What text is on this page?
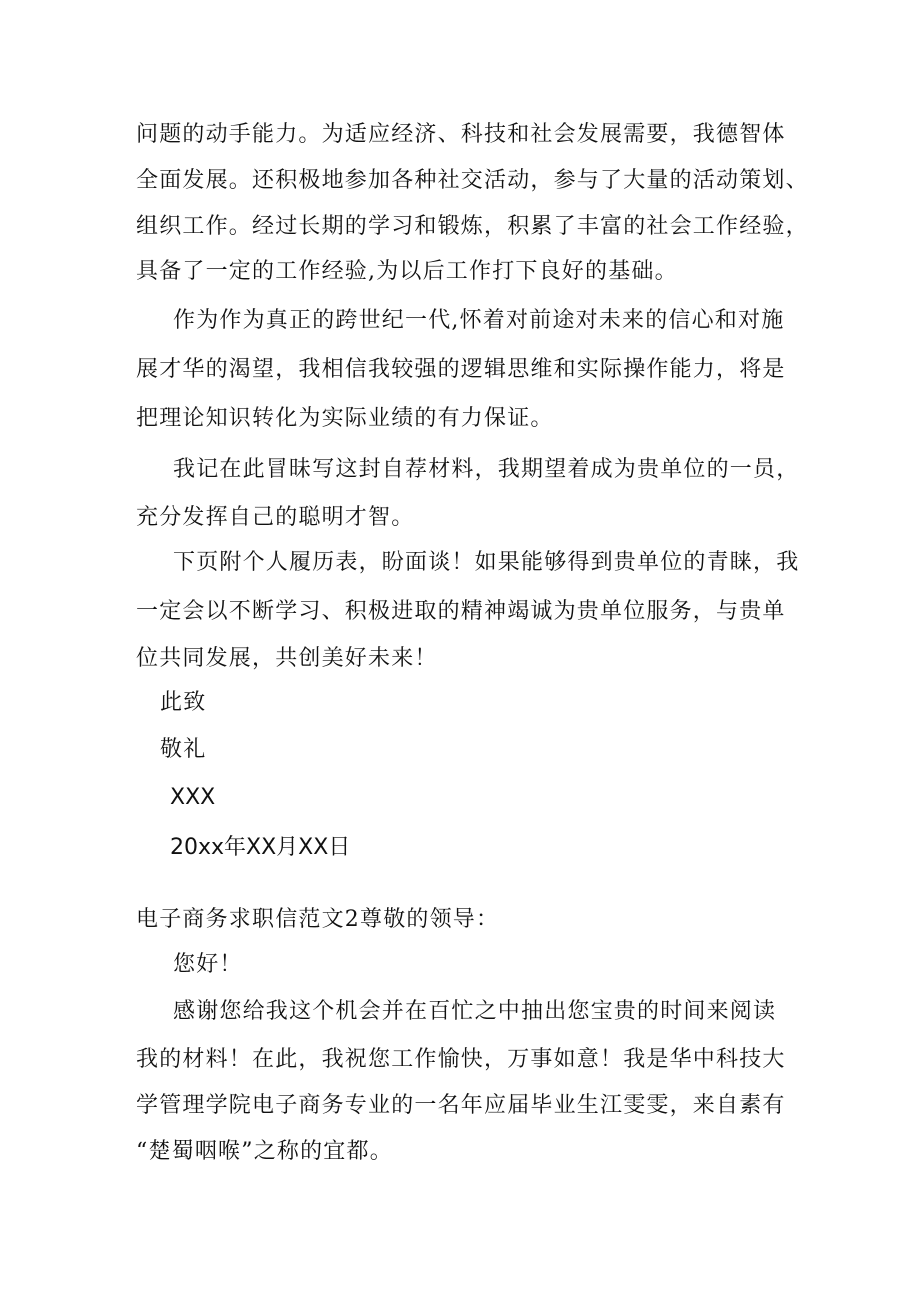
问题的动手能力。为适应经济、科技和社会发展需要，我德智体
全面发展。还积极地参加各种社交活动，参与了大量的活动策划、
组织工作。经过长期的学习和锻炼，积累了丰富的社会工作经验，
具备了一定的工作经验,为以后工作打下良好的基础。
作为作为真正的跨世纪一代,怀着对前途对未来的信心和对施
展才华的渴望，我相信我较强的逻辑思维和实际操作能力，将是
把理论知识转化为实际业绩的有力保证。
我记在此冒昧写这封自荐材料，我期望着成为贵单位的一员，
充分发挥自己的聪明才智。
下页附个人履历表，盼面谈！如果能够得到贵单位的青睐，我
一定会以不断学习、积极进取的精神竭诚为贵单位服务，与贵单
位共同发展，共创美好未来！
此致
敬礼
XXX
20xx年XX月XX日
电子商务求职信范文2尊敬的领导：
您好！
感谢您给我这个机会并在百忙之中抽出您宝贵的时间来阅读
我的材料！在此，我祝您工作愉快，万事如意！我是华中科技大
学管理学院电子商务专业的一名年应届毕业生江雯雯，来自素有
“楚蜀咽喉”之称的宜都。
